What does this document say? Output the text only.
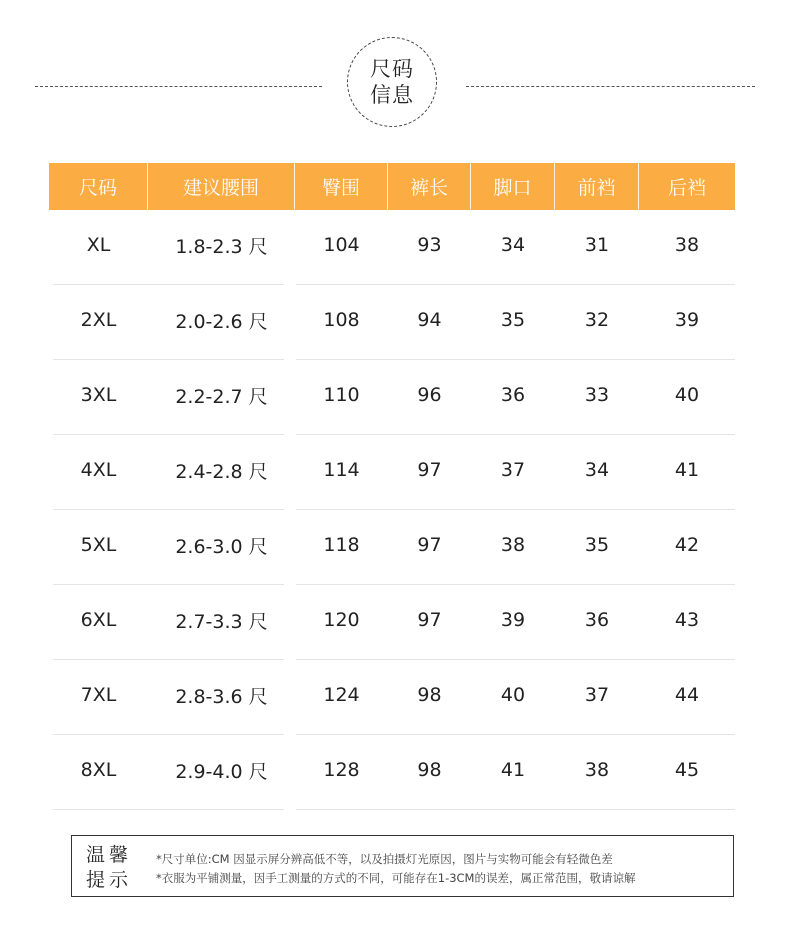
尺码
信息
尺码	建议腰围	臀围	裤长	脚口	前裆	后裆
XL	1.8-2.3 尺	104	93	34	31	38
2XL	2.0-2.6 尺	108	94	35	32	39
3XL	2.2-2.7 尺	110	96	36	33	40
4XL	2.4-2.8 尺	114	97	37	34	41
5XL	2.6-3.0 尺	118	97	38	35	42
6XL	2.7-3.3 尺	120	97	39	36	43
7XL	2.8-3.6 尺	124	98	40	37	44
8XL	2.9-4.0 尺	128	98	41	38	45
温馨
提示
*尺寸单位:CM 因显示屏分辨高低不等，以及拍摄灯光原因，图片与实物可能会有轻微色差
*衣服为平铺测量，因手工测量的方式的不同，可能存在1-3CM的误差，属正常范围，敬请谅解
